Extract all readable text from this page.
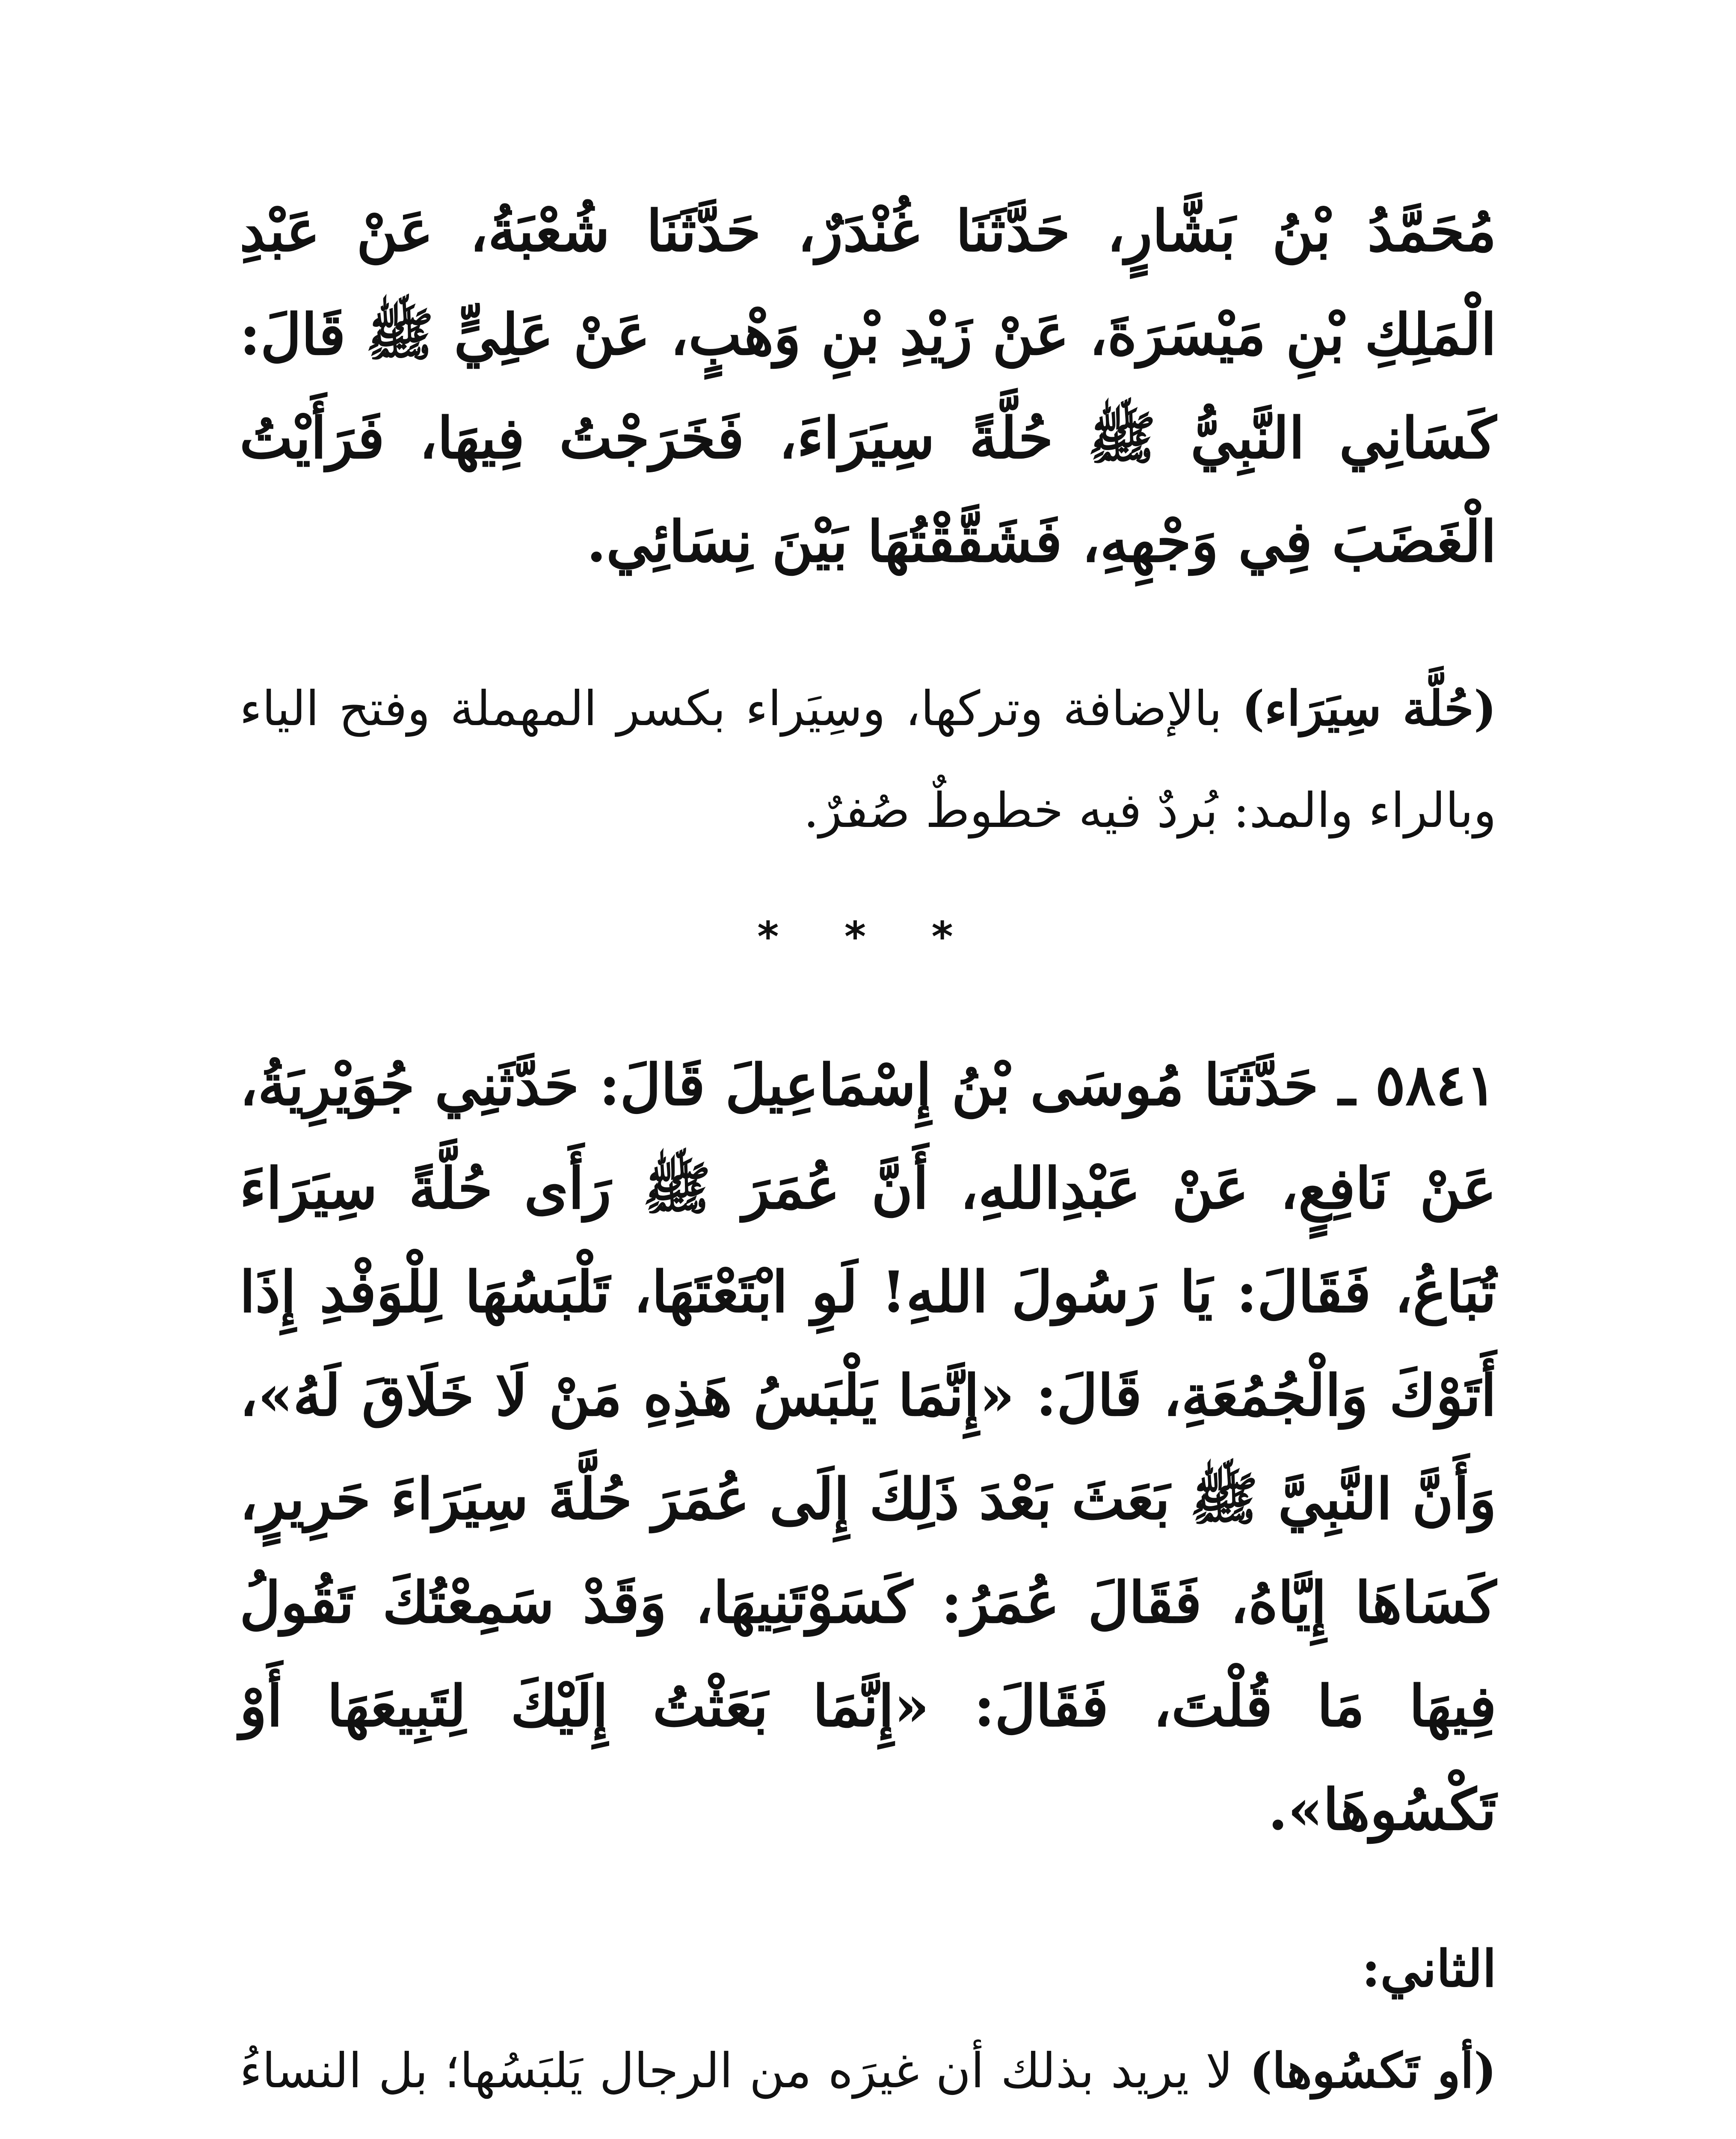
مُحَمَّدُ بْنُ بَشَّارٍ، حَدَّثَنَا غُنْدَرٌ، حَدَّثَنَا شُعْبَةُ، عَنْ عَبْدِ الْمَلِكِ بْنِ مَيْسَرَةَ، عَنْ زَيْدِ بْنِ وَهْبٍ، عَنْ عَلِيٍّ ﷺ قَالَ: كَسَانِي النَّبِيُّ ﷺ حُلَّةً سِيَرَاءَ، فَخَرَجْتُ فِيهَا، فَرَأَيْتُ الْغَضَبَ فِي وَجْهِهِ، فَشَقَّقْتُهَا بَيْنَ نِسَائِي.

(حُلَّة سِيَرَاء) بالإضافة وتركها، وسِيَراء بكسر المهملة وفتح الياء وبالراء والمد: بُردٌ فيه خطوطٌ صُفرٌ.

* * *

٥٨٤١ ـ حَدَّثَنَا مُوسَى بْنُ إِسْمَاعِيلَ قَالَ: حَدَّثَنِي جُوَيْرِيَةُ، عَنْ نَافِعٍ، عَنْ عَبْدِاللهِ، أَنَّ عُمَرَ ﷺ رَأَى حُلَّةً سِيَرَاءَ تُبَاعُ، فَقَالَ: يَا رَسُولَ اللهِ! لَوِ ابْتَعْتَهَا، تَلْبَسُهَا لِلْوَفْدِ إِذَا أَتَوْكَ وَالْجُمُعَةِ، قَالَ: «إِنَّمَا يَلْبَسُ هَذِهِ مَنْ لَا خَلَاقَ لَهُ»، وَأَنَّ النَّبِيَّ ﷺ بَعَثَ بَعْدَ ذَلِكَ إِلَى عُمَرَ حُلَّةَ سِيَرَاءَ حَرِيرٍ، كَسَاهَا إِيَّاهُ، فَقَالَ عُمَرُ: كَسَوْتَنِيهَا، وَقَدْ سَمِعْتُكَ تَقُولُ فِيهَا مَا قُلْتَ، فَقَالَ: «إِنَّمَا بَعَثْتُ إِلَيْكَ لِتَبِيعَهَا أَوْ تَكْسُوهَا».

الثاني:

(أو تَكسُوها) لا يريد بذلك أن غيرَه من الرجال يَلبَسُها؛ بل النساءُ
